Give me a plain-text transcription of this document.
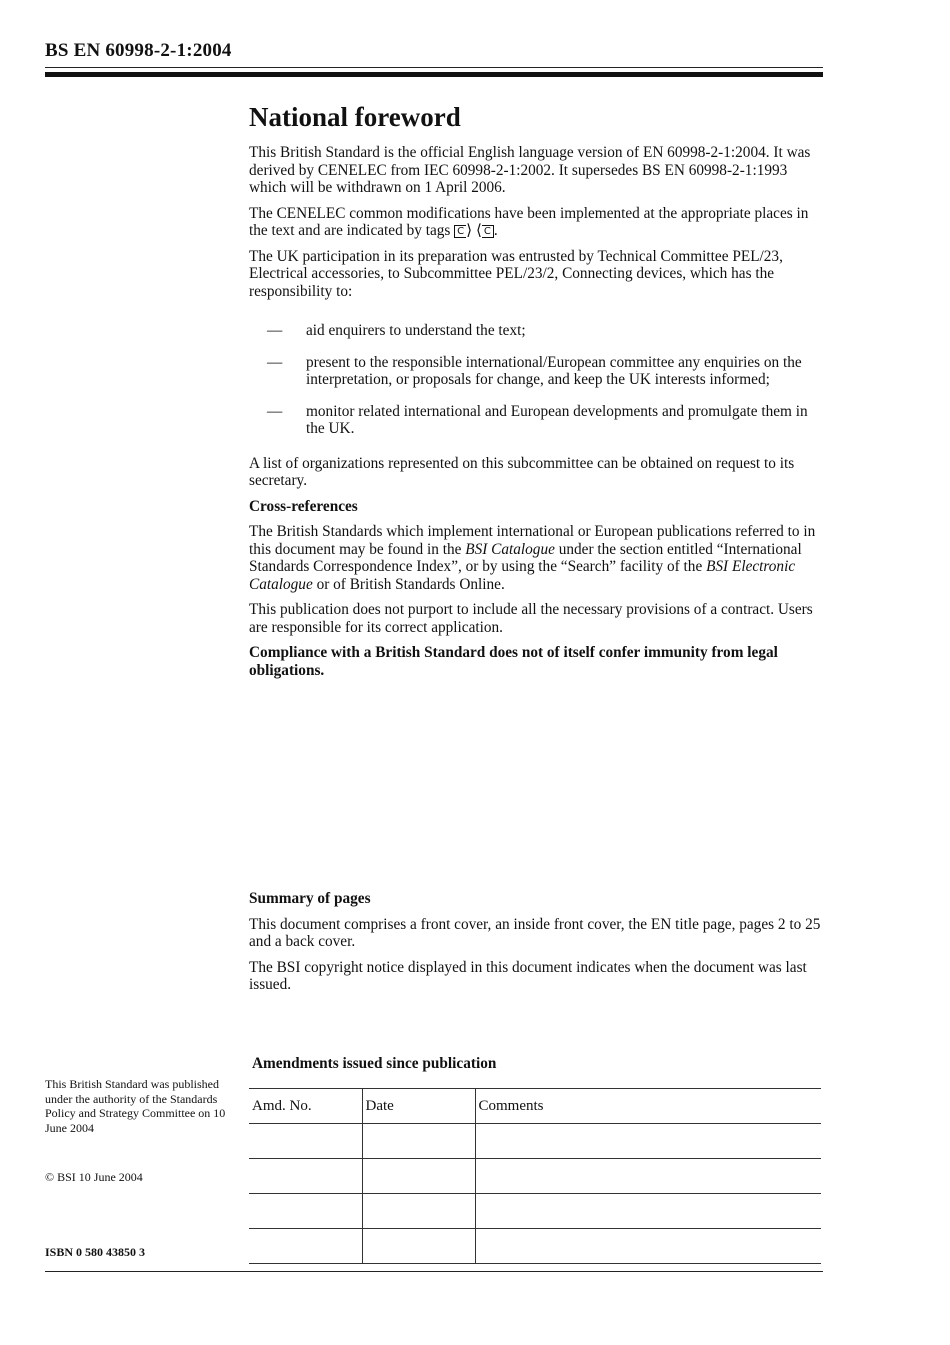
BS EN 60998-2-1:2004
National foreword

This British Standard is the official English language version of EN 60998-2-1:2004. It was derived by CENELEC from IEC 60998-2-1:2002. It supersedes BS EN 60998-2-1:1993 which will be withdrawn on 1 April 2006.

The CENELEC common modifications have been implemented at the appropriate places in the text and are indicated by tags C ⟩ ⟨ C .

The UK participation in its preparation was entrusted by Technical Committee PEL/23, Electrical accessories, to Subcommittee PEL/23/2, Connecting devices, which has the responsibility to:

— aid enquirers to understand the text;
— present to the responsible international/European committee any enquiries on the interpretation, or proposals for change, and keep the UK interests informed;
— monitor related international and European developments and promulgate them in the UK.

A list of organizations represented on this subcommittee can be obtained on request to its secretary.

Cross-references

The British Standards which implement international or European publications referred to in this document may be found in the BSI Catalogue under the section entitled “International Standards Correspondence Index”, or by using the “Search” facility of the BSI Electronic Catalogue or of British Standards Online.

This publication does not purport to include all the necessary provisions of a contract. Users are responsible for its correct application.

Compliance with a British Standard does not of itself confer immunity from legal obligations.

Summary of pages

This document comprises a front cover, an inside front cover, the EN title page, pages 2 to 25 and a back cover.

The BSI copyright notice displayed in this document indicates when the document was last issued.

Amendments issued since publication
Amd. No.	Date	Comments

This British Standard was published under the authority of the Standards Policy and Strategy Committee on 10 June 2004
© BSI 10 June 2004
ISBN 0 580 43850 3
